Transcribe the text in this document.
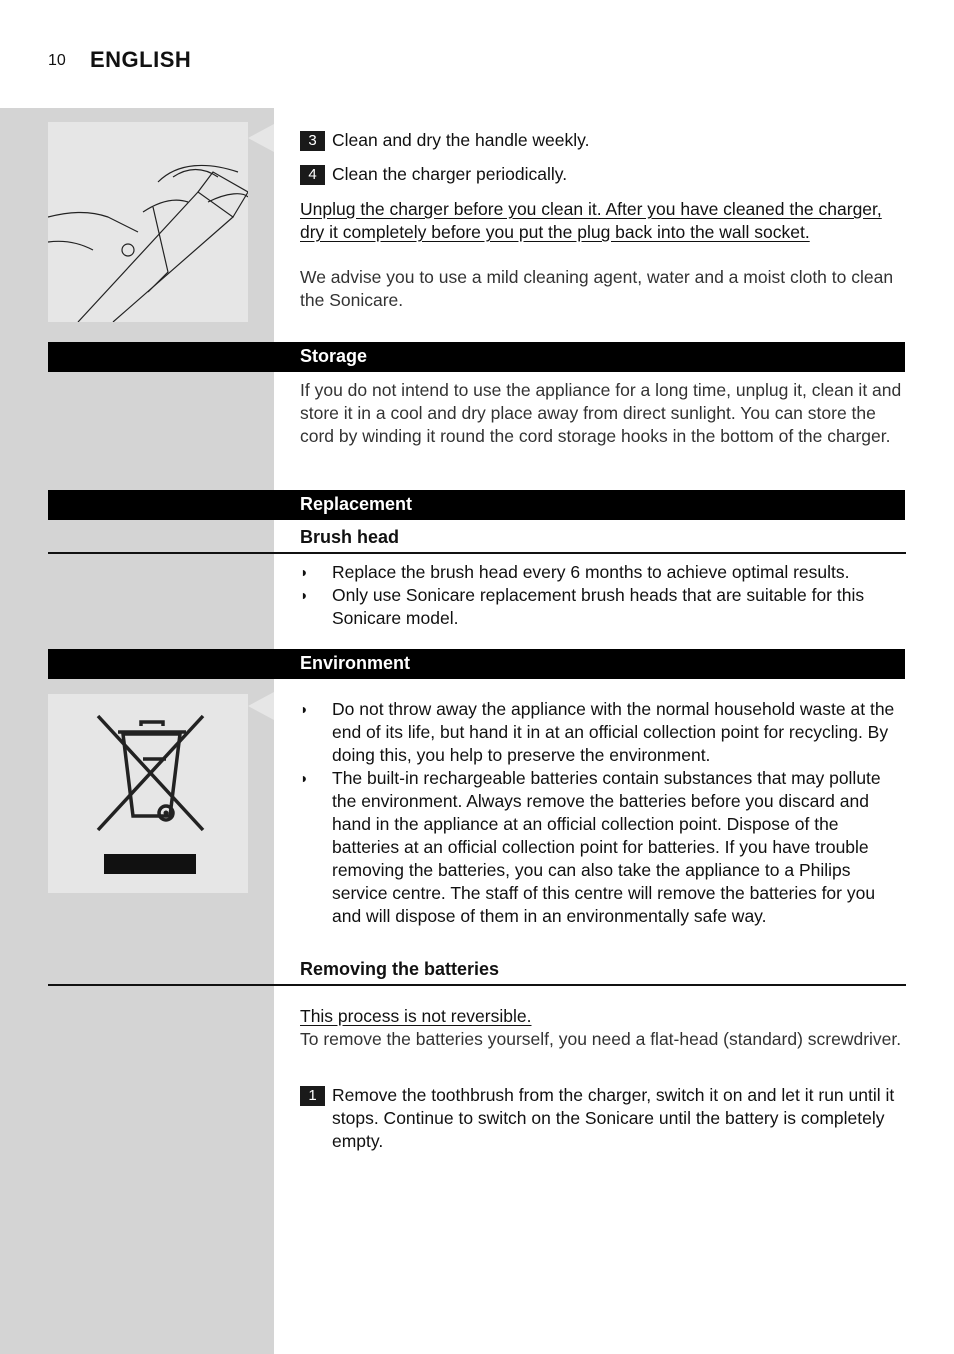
10 ENGLISH
3 Clean and dry the handle weekly.
4 Clean the charger periodically.
Unplug the charger before you clean it. After you have cleaned the charger, dry it completely before you put the plug back into the wall socket.
We advise you to use a mild cleaning agent, water and a moist cloth to clean the Sonicare.
Storage
If you do not intend to use the appliance for a long time, unplug it, clean it and store it in a cool and dry place away from direct sunlight. You can store the cord by winding it round the cord storage hooks in the bottom of the charger.
Replacement
Brush head
◗ Replace the brush head every 6 months to achieve optimal results.
◗ Only use Sonicare replacement brush heads that are suitable for this Sonicare model.
Environment
◗ Do not throw away the appliance with the normal household waste at the end of its life, but hand it in at an official collection point for recycling. By doing this, you help to preserve the environment.
◗ The built-in rechargeable batteries contain substances that may pollute the environment. Always remove the batteries before you discard and hand in the appliance at an official collection point. Dispose of the batteries at an official collection point for batteries. If you have trouble removing the batteries, you can also take the appliance to a Philips service centre. The staff of this centre will remove the batteries for you and will dispose of them in an environmentally safe way.
Removing the batteries
This process is not reversible.
To remove the batteries yourself, you need a flat-head (standard) screwdriver.
1 Remove the toothbrush from the charger, switch it on and let it run until it stops. Continue to switch on the Sonicare until the battery is completely empty.
